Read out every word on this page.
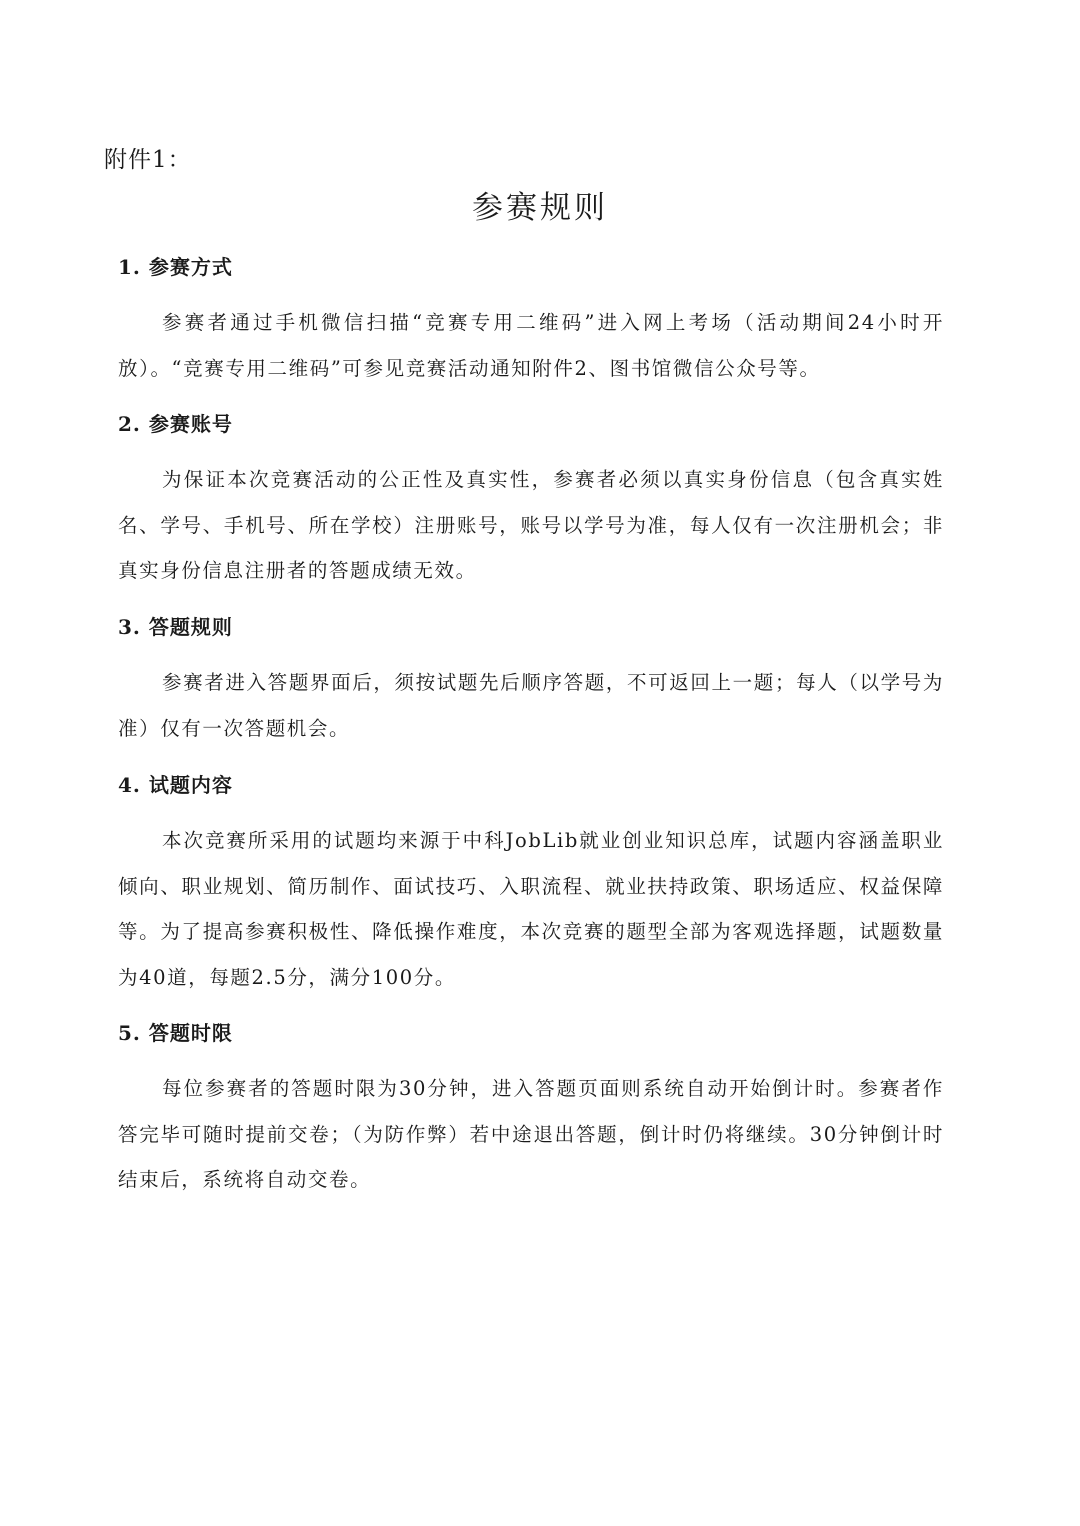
附件1：
参赛规则
1. 参赛方式

参赛者通过手机微信扫描“竞赛专用二维码”进入网上考场（活动期间24小时开放）。“竞赛专用二维码”可参见竞赛活动通知附件2、图书馆微信公众号等。

2. 参赛账号

为保证本次竞赛活动的公正性及真实性，参赛者必须以真实身份信息（包含真实姓名、学号、手机号、所在学校）注册账号，账号以学号为准，每人仅有一次注册机会；非真实身份信息注册者的答题成绩无效。

3. 答题规则

参赛者进入答题界面后，须按试题先后顺序答题，不可返回上一题；每人（以学号为准）仅有一次答题机会。

4. 试题内容

本次竞赛所采用的试题均来源于中科JobLib就业创业知识总库，试题内容涵盖职业倾向、职业规划、简历制作、面试技巧、入职流程、就业扶持政策、职场适应、权益保障等。为了提高参赛积极性、降低操作难度，本次竞赛的题型全部为客观选择题，试题数量为40道，每题2.5分，满分100分。

5. 答题时限

每位参赛者的答题时限为30分钟，进入答题页面则系统自动开始倒计时。参赛者作答完毕可随时提前交卷；（为防作弊）若中途退出答题，倒计时仍将继续。30分钟倒计时结束后，系统将自动交卷。
